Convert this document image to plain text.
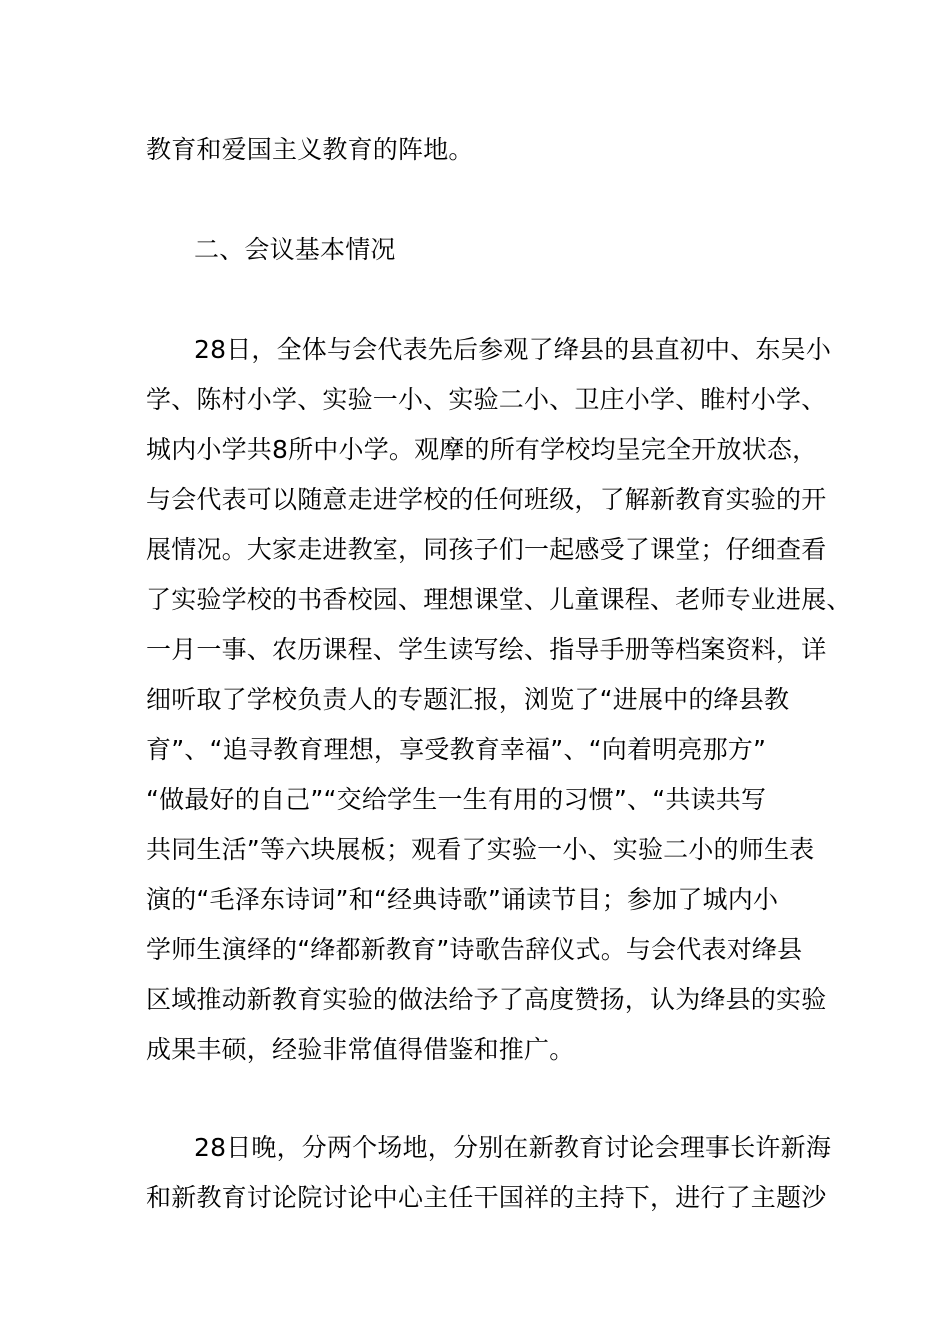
教育和爱国主义教育的阵地。
二、会议基本情况
28日，全体与会代表先后参观了绛县的县直初中、东吴小
学、陈村小学、实验一小、实验二小、卫庄小学、睢村小学、
城内小学共8所中小学。观摩的所有学校均呈完全开放状态，
与会代表可以随意走进学校的任何班级，了解新教育实验的开
展情况。大家走进教室，同孩子们一起感受了课堂；仔细查看
了实验学校的书香校园、理想课堂、儿童课程、老师专业进展、
一月一事、农历课程、学生读写绘、指导手册等档案资料，详
细听取了学校负责人的专题汇报，浏览了“进展中的绛县教
育”、“追寻教育理想，享受教育幸福”、“向着明亮那方”
“做最好的自己”“交给学生一生有用的习惯”、“共读共写
共同生活”等六块展板；观看了实验一小、实验二小的师生表
演的“毛泽东诗词”和“经典诗歌”诵读节目；参加了城内小
学师生演绎的“绛都新教育”诗歌告辞仪式。与会代表对绛县
区域推动新教育实验的做法给予了高度赞扬，认为绛县的实验
成果丰硕，经验非常值得借鉴和推广。
28日晚，分两个场地，分别在新教育讨论会理事长许新海
和新教育讨论院讨论中心主任干国祥的主持下，进行了主题沙
